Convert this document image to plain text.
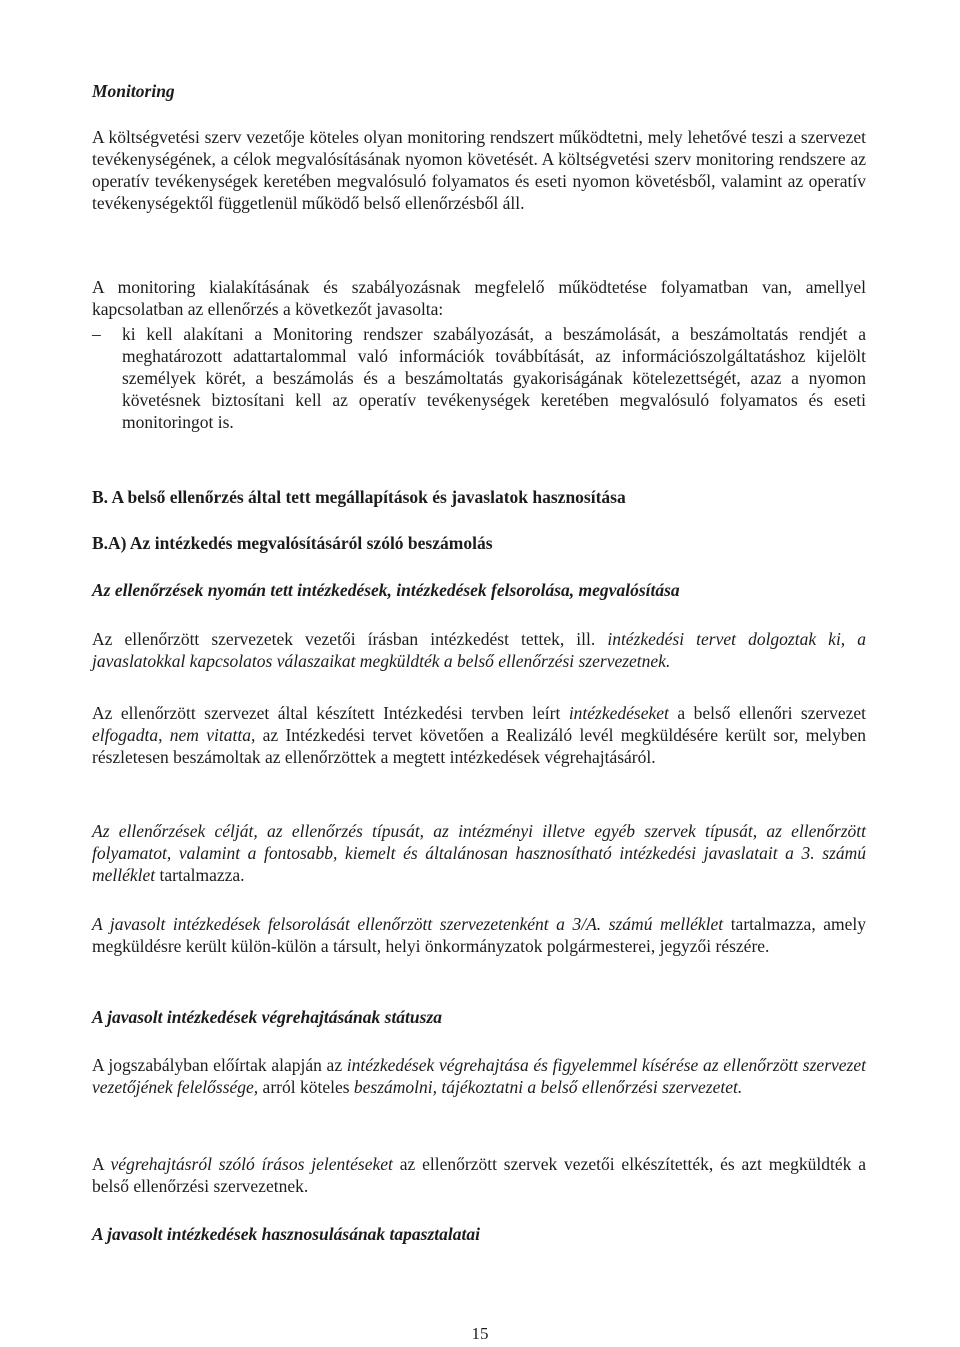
Monitoring

A költségvetési szerv vezetője köteles olyan monitoring rendszert működtetni, mely lehetővé teszi a szervezet tevékenységének, a célok megvalósításának nyomon követését. A költségvetési szerv monitoring rendszere az operatív tevékenységek keretében megvalósuló folyamatos és eseti nyomon követésből, valamint az operatív tevékenységektől függetlenül működő belső ellenőrzésből áll.

A monitoring kialakításának és szabályozásnak megfelelő működtetése folyamatban van, amellyel kapcsolatban az ellenőrzés a következőt javasolta:

–	ki kell alakítani a Monitoring rendszer szabályozását, a beszámolását, a beszámoltatás rendjét a meghatározott adattartalommal való információk továbbítását, az információszolgáltatáshoz kijelölt személyek körét, a beszámolás és a beszámoltatás gyakoriságának kötelezettségét, azaz a nyomon követésnek biztosítani kell az operatív tevékenységek keretében megvalósuló folyamatos és eseti monitoringot is.

B. A belső ellenőrzés által tett megállapítások és javaslatok hasznosítása

B.A) Az intézkedés megvalósításáról szóló beszámolás

Az ellenőrzések nyomán tett intézkedések, intézkedések felsorolása, megvalósítása

Az ellenőrzött szervezetek vezetői írásban intézkedést tettek, ill. intézkedési tervet dolgoztak ki, a javaslatokkal kapcsolatos válaszaikat megküldték a belső ellenőrzési szervezetnek.

Az ellenőrzött szervezet által készített Intézkedési tervben leírt intézkedéseket a belső ellenőri szervezet elfogadta, nem vitatta, az Intézkedési tervet követően a Realizáló levél megküldésére került sor, melyben részletesen beszámoltak az ellenőrzöttek a megtett intézkedések végrehajtásáról.

Az ellenőrzések célját, az ellenőrzés típusát, az intézményi illetve egyéb szervek típusát, az ellenőrzött folyamatot, valamint a fontosabb, kiemelt és általánosan hasznosítható intézkedési javaslatait a 3. számú melléklet tartalmazza.

A javasolt intézkedések felsorolását ellenőrzött szervezetenként a 3/A. számú melléklet tartalmazza, amely megküldésre került külön-külön a társult, helyi önkormányzatok polgármesterei, jegyzői részére.

A javasolt intézkedések végrehajtásának státusza

A jogszabályban előírtak alapján az intézkedések végrehajtása és figyelemmel kísérése az ellenőrzött szervezet vezetőjének felelőssége, arról köteles beszámolni, tájékoztatni a belső ellenőrzési szervezetet.

A végrehajtásról szóló írásos jelentéseket az ellenőrzött szervek vezetői elkészítették, és azt megküldték a belső ellenőrzési szervezetnek.

A javasolt intézkedések hasznosulásának tapasztalatai

15
